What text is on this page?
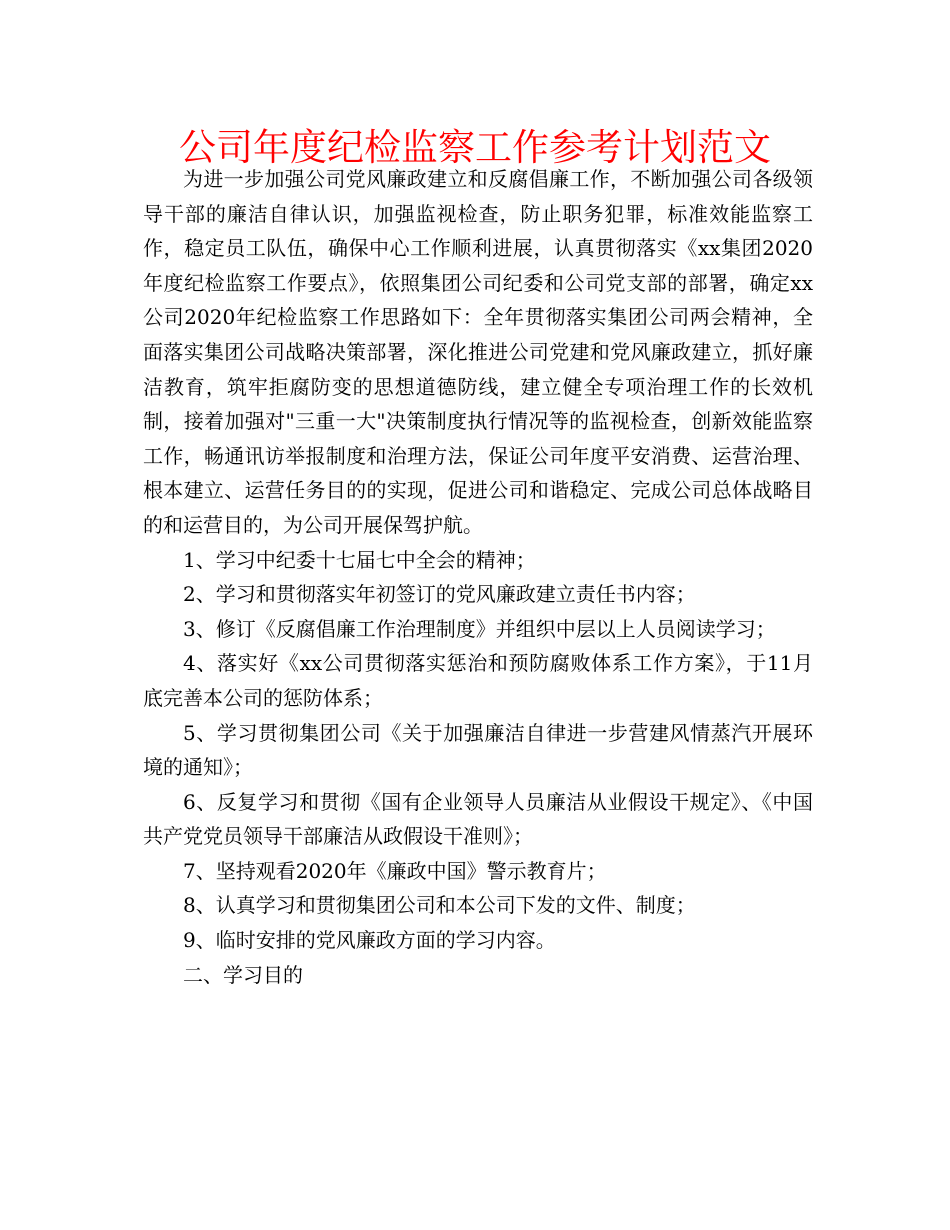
公司年度纪检监察工作参考计划范文

为进一步加强公司党风廉政建立和反腐倡廉工作，不断加强公司各级领导干部的廉洁自律认识，加强监视检查，防止职务犯罪，标准效能监察工作，稳定员工队伍，确保中心工作顺利进展，认真贯彻落实《xx集团2020年度纪检监察工作要点》，依照集团公司纪委和公司党支部的部署，确定xx公司2020年纪检监察工作思路如下：全年贯彻落实集团公司两会精神，全面落实集团公司战略决策部署，深化推进公司党建和党风廉政建立，抓好廉洁教育，筑牢拒腐防变的思想道德防线，建立健全专项治理工作的长效机制，接着加强对"三重一大"决策制度执行情况等的监视检查，创新效能监察工作，畅通讯访举报制度和治理方法，保证公司年度平安消费、运营治理、根本建立、运营任务目的的实现，促进公司和谐稳定、完成公司总体战略目的和运营目的，为公司开展保驾护航。

1、学习中纪委十七届七中全会的精神；

2、学习和贯彻落实年初签订的党风廉政建立责任书内容；

3、修订《反腐倡廉工作治理制度》并组织中层以上人员阅读学习；

4、落实好《xx公司贯彻落实惩治和预防腐败体系工作方案》，于11月底完善本公司的惩防体系；

5、学习贯彻集团公司《关于加强廉洁自律进一步营建风情蒸汽开展环境的通知》；

6、反复学习和贯彻《国有企业领导人员廉洁从业假设干规定》、《中国共产党党员领导干部廉洁从政假设干准则》；

7、坚持观看2020年《廉政中国》警示教育片；

8、认真学习和贯彻集团公司和本公司下发的文件、制度；

9、临时安排的党风廉政方面的学习内容。

二、学习目的
